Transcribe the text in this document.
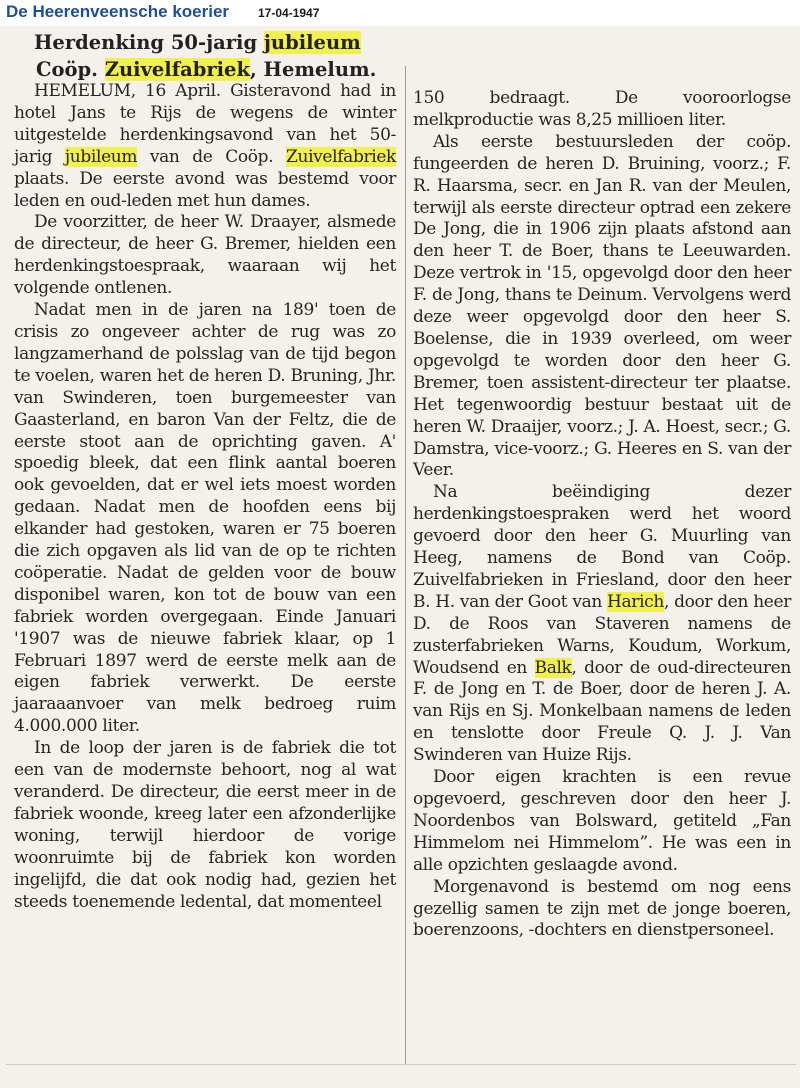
De Heerenveensche koerier 17-04-1947
Herdenking 50-jarig jubileum
Coöp. Zuivelfabriek, Hemelum.

HEMELUM, 16 April. Gisteravond had in hotel Jans te Rijs de wegens de winter uitgestelde herdenkingsavond van het 50-jarig jubileum van de Coöp. Zuivelfabriek plaats. De eerste avond was bestemd voor leden en oud-leden met hun dames.

De voorzitter, de heer W. Draayer, alsmede de directeur, de heer G. Bremer, hielden een herdenkingstoespraak, waaraan wij het volgende ontlenen.

Nadat men in de jaren na 189' toen de crisis zo ongeveer achter de rug was zo langzamerhand de polsslag van de tijd begon te voelen, waren het de heren D. Bruning, Jhr. van Swinderen, toen burgemeester van Gaasterland, en baron Van der Feltz, die de eerste stoot aan de oprichting gaven. A' spoedig bleek, dat een flink aantal boeren ook gevoelden, dat er wel iets moest worden gedaan. Nadat men de hoofden eens bij elkander had gestoken, waren er 75 boeren die zich opgaven als lid van de op te richten coöperatie. Nadat de gelden voor de bouw disponibel waren, kon tot de bouw van een fabriek worden overgegaan. Einde Januari '1907 was de nieuwe fabriek klaar, op 1 Februari 1897 werd de eerste melk aan de eigen fabriek verwerkt. De eerste jaaraaanvoer van melk bedroeg ruim 4.000.000 liter.

In de loop der jaren is de fabriek die tot een van de modernste behoort, nog al wat veranderd. De directeur, die eerst meer in de fabriek woonde, kreeg later een afzonderlijke woning, terwijl hierdoor de vorige woonruimte bij de fabriek kon worden ingelijfd, die dat ook nodig had, gezien het steeds toenemende ledental, dat momenteel

150 bedraagt. De vooroorlogse melkproductie was 8,25 millioen liter.

Als eerste bestuursleden der coöp. fungeerden de heren D. Bruining, voorz.; F. R. Haarsma, secr. en Jan R. van der Meulen, terwijl als eerste directeur optrad een zekere De Jong, die in 1906 zijn plaats afstond aan den heer T. de Boer, thans te Leeuwarden. Deze vertrok in '15, opgevolgd door den heer F. de Jong, thans te Deinum. Vervolgens werd deze weer opgevolgd door den heer S. Boelense, die in 1939 overleed, om weer opgevolgd te worden door den heer G. Bremer, toen assistent-directeur ter plaatse. Het tegenwoordig bestuur bestaat uit de heren W. Draaijer, voorz.; J. A. Hoest, secr.; G. Damstra, vice-voorz.; G. Heeres en S. van der Veer.

Na beëindiging dezer herdenkingstoespraken werd het woord gevoerd door den heer G. Muurling van Heeg, namens de Bond van Coöp. Zuivelfabrieken in Friesland, door den heer B. H. van der Goot van Harich, door den heer D. de Roos van Staveren namens de zusterfabrieken Warns, Koudum, Workum, Woudsend en Balk, door de oud-directeuren F. de Jong en T. de Boer, door de heren J. A. van Rijs en Sj. Monkelbaan namens de leden en tenslotte door Freule Q. J. J. Van Swinderen van Huize Rijs.

Door eigen krachten is een revue opgevoerd, geschreven door den heer J. Noordenbos van Bolsward, getiteld „Fan Himmelom nei Himmelom”. He was een in alle opzichten geslaagde avond.

Morgenavond is bestemd om nog eens gezellig samen te zijn met de jonge boeren, boerenzoons, -dochters en dienstpersoneel.
